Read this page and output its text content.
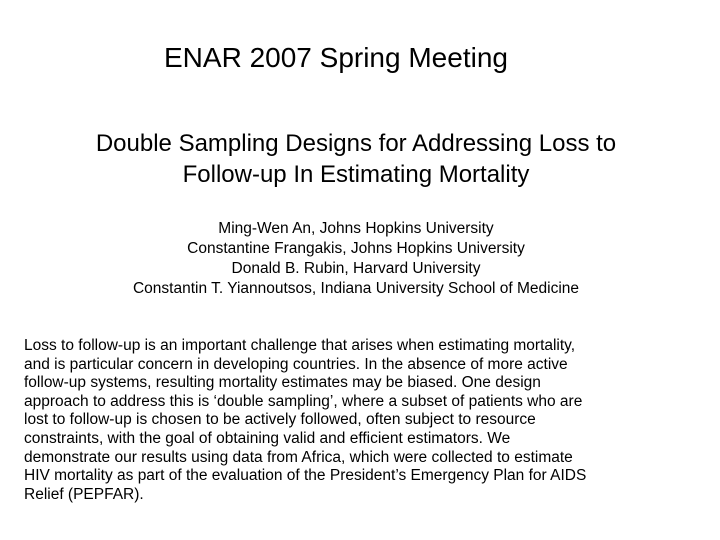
ENAR 2007 Spring Meeting
Double Sampling Designs for Addressing Loss to
Follow-up In Estimating Mortality
Ming-Wen An, Johns Hopkins University
Constantine Frangakis, Johns Hopkins University
Donald B. Rubin, Harvard University
Constantin T. Yiannoutsos, Indiana University School of Medicine
Loss to follow-up is an important challenge that arises when estimating mortality,
and is particular concern in developing countries. In the absence of more active
follow-up systems, resulting mortality estimates may be biased. One design
approach to address this is ‘double sampling’, where a subset of patients who are
lost to follow-up is chosen to be actively followed, often subject to resource
constraints, with the goal of obtaining valid and efficient estimators. We
demonstrate our results using data from Africa, which were collected to estimate
HIV mortality as part of the evaluation of the President’s Emergency Plan for AIDS
Relief (PEPFAR).
